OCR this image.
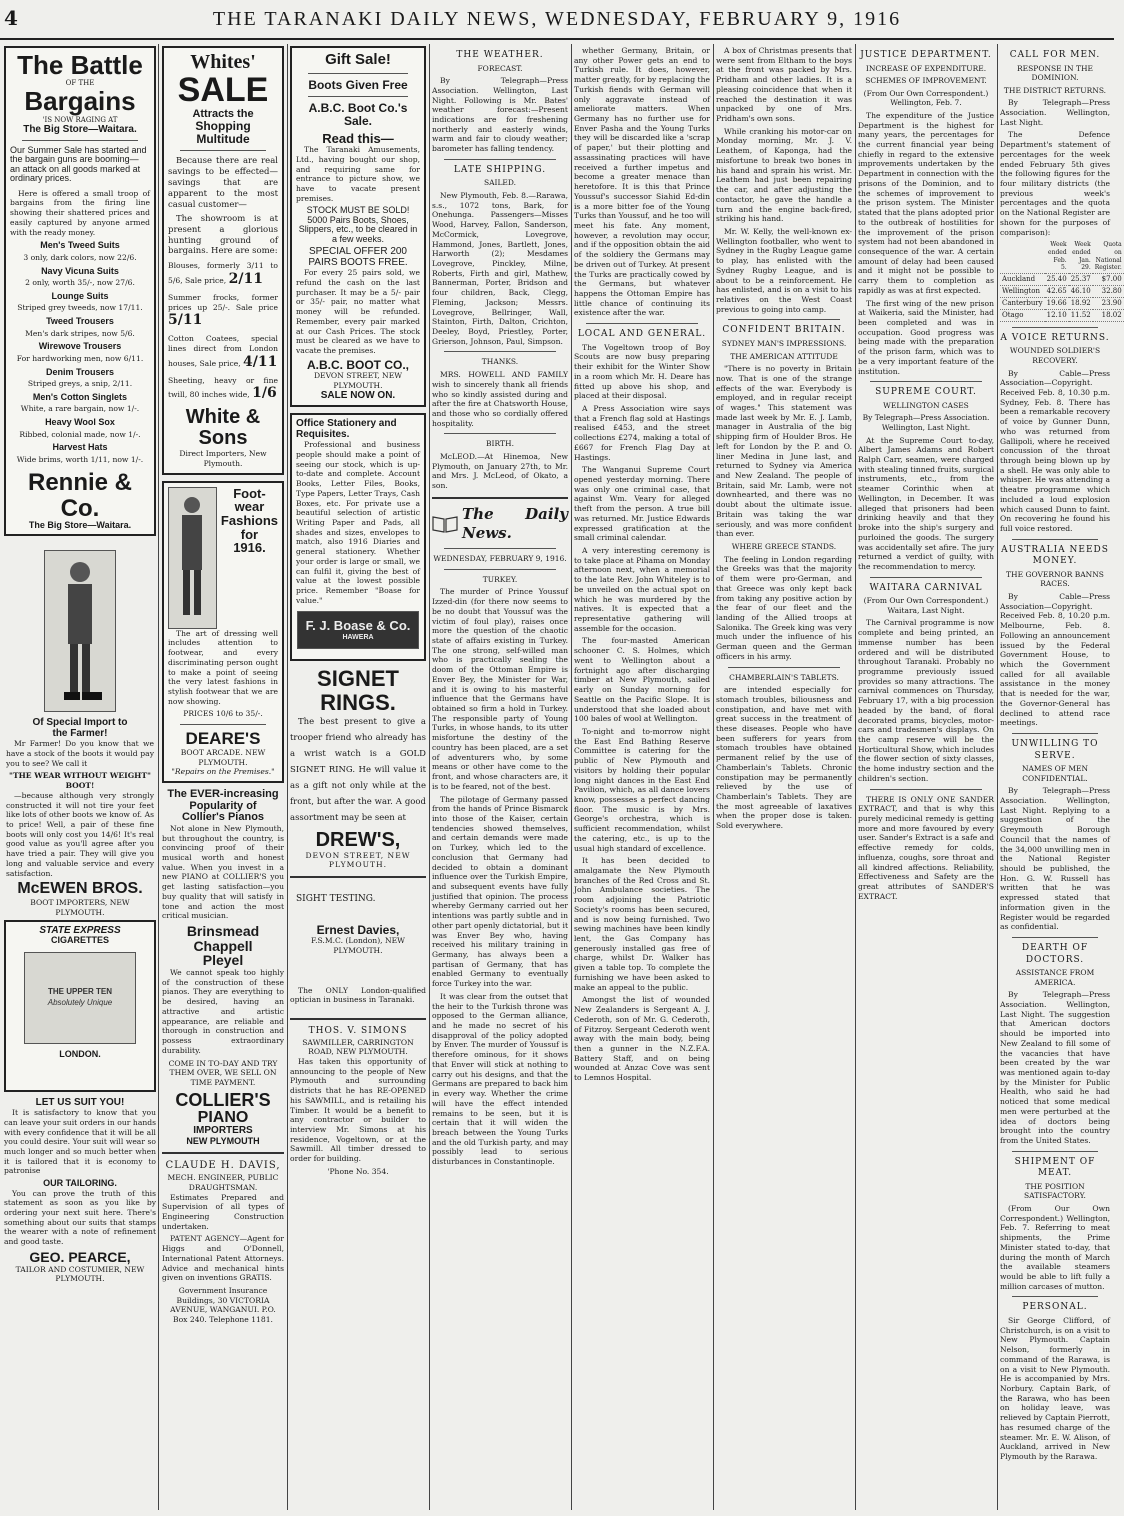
4	THE TARANAKI DAILY NEWS, WEDNESDAY, FEBRUARY 9, 1916
The Battle
OF THE
Bargains
'IS NOW RAGING AT
The Big Store—Waitara.
Our Summer Sale has started and the bargain guns are booming— an attack on all goods marked at ordinary prices.

Here is offered a small troop of bargains from the firing line showing their shattered prices and easily captured by anyone armed with the ready money.

Men's Tweed Suits
3 only, dark colors, now 22/6.
Navy Vicuna Suits
2 only, worth 35/-, now 27/6.
Lounge Suits
Striped grey tweeds, now 17/11.
Tweed Trousers
Men's dark stripes, now 5/6.
Wirewove Trousers
For hardworking men, now 6/11.
Denim Trousers
Striped greys, a snip, 2/11.
Men's Cotton Singlets
White, a rare bargain, now 1/-.
Heavy Wool Sox
Ribbed, colonial made, now 1/-.
Harvest Hats
Wide brims, worth 1/11, now 1/-.
Rennie & Co.
The Big Store—Waitara.
Of Special Import to
the Farmer!

Mr Farmer! Do you know that we have a stock of the boots it would pay you to see? We call it

"THE WEAR WITHOUT WEIGHT" BOOT!

—because although very strongly constructed it will not tire your feet like lots of other boots we know of. As to price! Well, a pair of these fine boots will only cost you 14/6! It's real good value as you'll agree after you have tried a pair. They will give you long and valuable service and every satisfaction.

McEWEN BROS.
BOOT IMPORTERS, NEW PLYMOUTH.
STATE EXPRESS
CIGARETTES
THE UPPER TEN
Absolutely Unique
LONDON.
LET US SUIT YOU!

It is satisfactory to know that you can leave your suit orders in our hands with every confidence that it will be all you could desire. Your suit will wear so much longer and so much better when it is tailored that it is economy to patronise

OUR TAILORING.

You can prove the truth of this statement as soon as you like by ordering your next suit here. There's something about our suits that stamps the wearer with a note of refinement and good taste.

GEO. PEARCE,
TAILOR AND COSTUMIER, NEW PLYMOUTH.
Whites'
SALE
Attracts the
Shopping Multitude

Because there are real savings to be effected—savings that are apparent to the most casual customer—

The showroom is at present a glorious hunting ground of bargains. Here are some:

Blouses, formerly 3/11 to 5/6, Sale price, 2/11
Summer frocks, former prices up 25/-. Sale price 5/11
Cotton Coatees, special lines direct from London houses, Sale price, 4/11
Sheeting, heavy or fine twill, 80 inches wide, 1/6
White & Sons
Direct Importers, New Plymouth.
Foot-
wear
Fashions
for
1916.

The art of dressing well includes attention to footwear, and every discriminating person ought to make a point of seeing the very latest fashions in stylish footwear that we are now showing.

PRICES 10/6 to 35/-.
DEARE'S
BOOT ARCADE. NEW PLYMOUTH.
"Repairs on the Premises."
The EVER-increasing
Popularity of
Collier's Pianos

Not alone in New Plymouth, but throughout the country, is convincing proof of their musical worth and honest value. When you invest in a new PIANO at COLLIER'S you get lasting satisfaction—you buy quality that will satisfy in tone and action the most critical musician.

Brinsmead
Chappell
Pleyel

We cannot speak too highly of the construction of these pianos. They are everything to be desired, having an attractive and artistic appearance, are reliable and thorough in construction and possess extraordinary durability.

COME IN TO-DAY AND TRY THEM OVER, WE SELL ON TIME PAYMENT.
COLLIER'S
PIANO
IMPORTERS
NEW PLYMOUTH
CLAUDE H. DAVIS,
MECH. ENGINEER, PUBLIC DRAUGHTSMAN.

Estimates Prepared and Supervision of all types of Engineering Construction undertaken.

PATENT AGENCY—Agent for Higgs and O'Donnell, International Patent Attorneys. Advice and mechanical hints given on inventions GRATIS.

Government Insurance Buildings, 30 VICTORIA AVENUE, WANGANUI. P.O. Box 240. Telephone 1181.
Gift Sale!
Boots Given Free
A.B.C. Boot Co.'s Sale.
Read this—

The Taranaki Amusements, Ltd., having bought our shop, and requiring same for entrance to picture show, we have to vacate present premises.

STOCK MUST BE SOLD! 5000 Pairs Boots, Shoes, Slippers, etc., to be cleared in a few weeks.
SPECIAL OFFER 200 PAIRS BOOTS FREE.

For every 25 pairs sold, we refund the cash on the last purchaser. It may be a 5/- pair or 35/- pair, no matter what money will be refunded. Remember, every pair marked at our Cash Prices. The stock must be cleared as we have to vacate the premises.

A.B.C. BOOT CO.,
DEVON STREET, NEW PLYMOUTH.
SALE NOW ON.
Office Stationery and Requisites.

Professional and business people should make a point of seeing our stock, which is up-to-date and complete. Account Books, Letter Files, Books, Type Papers, Letter Trays, Cash Boxes, etc. For private use a beautiful selection of artistic Writing Paper and Pads, all shades and sizes, envelopes to match, also 1916 Diaries and general stationery. Whether your order is large or small, we can fulfil it, giving the best of value at the lowest possible price. Remember "Boase for value."

F. J. Boase & Co.
HAWERA
SIGNET
RINGS.

The best present to give a trooper friend who already has a wrist watch is a GOLD SIGNET RING. He will value it as a gift not only while at the front, but after the war. A good assortment may be seen at

DREW'S,
DEVON STREET, NEW PLYMOUTH.
SIGHT TESTING.
Ernest Davies,
F.S.M.C. (London), NEW PLYMOUTH.

The ONLY London-qualified optician in business in Taranaki.

THOS. V. SIMONS
SAWMILLER, CARRINGTON ROAD, NEW PLYMOUTH.

Has taken this opportunity of announcing to the people of New Plymouth and surrounding districts that he has RE-OPENED his SAWMILL, and is retailing his Timber. It would be a benefit to any contractor or builder to interview Mr. Simons at his residence, Vogeltown, or at the Sawmill. All timber dressed to order for building.

'Phone No. 354.
THE WEATHER.
FORECAST.

By Telegraph—Press Association. Wellington, Last Night. Following is Mr. Bates' weather forecast:—Present indications are for freshening northerly and easterly winds, warm and fair to cloudy weather; barometer has falling tendency.

LATE SHIPPING.
SAILED.

New Plymouth, Feb. 8.—Rarawa, s.s., 1072 tons, Bark, for Onehunga. Passengers—Misses Wood, Harvey, Fallon, Sanderson, McCormick, Lovegrove, Hammond, Jones, Bartlett, Jones, Harworth (2); Mesdames Lovegrove, Pinckley, Milne, Roberts, Firth and girl, Mathew, Bannerman, Porter, Bridson and four children, Back, Clegg, Fleming, Jackson; Messrs. Lovegrove, Bellringer, Wall, Stainton, Firth, Dalton, Crichton, Deeley, Boyd, Priestley, Porter, Grierson, Johnson, Paul, Simpson.

THANKS.

MRS. HOWELL AND FAMILY wish to sincerely thank all friends who so kindly assisted during and after the fire at Chatsworth House, and those who so cordially offered hospitality.

BIRTH.

McLEOD.—At Hinemoa, New Plymouth, on January 27th, to Mr. and Mrs. J. McLeod, of Okato, a son.

The Daily News.
WEDNESDAY, FEBRUARY 9, 1916.
TURKEY.

The murder of Prince Youssuf Izzed-din (for there now seems to be no doubt that Youssuf was the victim of foul play), raises once more the question of the chaotic state of affairs existing in Turkey. The one strong, self-willed man who is practically sealing the doom of the Ottoman Empire is Enver Bey, the Minister for War, and it is owing to his masterful influence that the Germans have obtained so firm a hold in Turkey. The responsible party of Young Turks, in whose hands, to its utter misfortune the destiny of the country has been placed, are a set of adventurers who, by some means or other have come to the front, and whose characters are, it is to be feared, not of the best.

The pilotage of Germany passed from the hands of Prince Bismarck into those of the Kaiser, certain tendencies showed themselves, and certain demands were made on Turkey, which led to the conclusion that Germany had decided to obtain a dominant influence over the Turkish Empire, and subsequent events have fully justified that opinion. The process whereby Germany carried out her intentions was partly subtle and in other part openly dictatorial, but it was Enver Bey who, having received his military training in Germany, has always been a partisan of Germany, that has enabled Germany to eventually force Turkey into the war.

It was clear from the outset that the heir to the Turkish throne was opposed to the German alliance, and he made no secret of his disapproval of the policy adopted by Enver. The murder of Youssuf is therefore ominous, for it shows that Enver will stick at nothing to carry out his designs, and that the Germans are prepared to back him in every way. Whether the crime will have the effect intended remains to be seen, but it is certain that it will widen the breach between the Young Turks and the old Turkish party, and may possibly lead to serious disturbances in Constantinople.

whether Germany, Britain, or any other Power gets an end to Turkish rule. It does, however, matter greatly, for by replacing the Turkish fiends with German will only aggravate instead of ameliorate matters. When Germany has no further use for Enver Pasha and the Young Turks they will be discarded like a 'scrap of paper,' but their plotting and assassinating practices will have received a further impetus and become a greater menace than heretofore. It is this that Prince Youssuf's successor Siahid Ed-din is a more bitter foe of the Young Turks than Youssuf, and he too will meet his fate. Any moment, however, a revolution may occur, and if the opposition obtain the aid of the soldiery the Germans may be driven out of Turkey. At present the Turks are practically cowed by the Germans, but whatever happens the Ottoman Empire has little chance of continuing its existence after the war.

LOCAL AND GENERAL.

The Vogeltown troop of Boy Scouts are now busy preparing their exhibit for the Winter Show in a room which Mr. H. Deare has fitted up above his shop, and placed at their disposal.

A Press Association wire says that a French flag sold at Hastings realised £453, and the street collections £274, making a total of £667 for French Flag Day at Hastings.

The Wanganui Supreme Court opened yesterday morning. There was only one criminal case, that against Wm. Veary for alleged theft from the person. A true bill was returned. Mr. Justice Edwards expressed gratification at the small criminal calendar.

A very interesting ceremony is to take place at Pihama on Monday afternoon next, when a memorial to the late Rev. John Whiteley is to be unveiled on the actual spot on which he was murdered by the natives. It is expected that a representative gathering will assemble for the occasion.

The four-masted American schooner C. S. Holmes, which went to Wellington about a fortnight ago after discharging timber at New Plymouth, sailed early on Sunday morning for Seattle on the Pacific Slope. It is understood that she loaded about 100 bales of wool at Wellington.

To-night and to-morrow night the East End Bathing Reserve Committee is catering for the public of New Plymouth and visitors by holding their popular long night dances in the East End Pavilion, which, as all dance lovers know, possesses a perfect dancing floor. The music is by Mrs. George's orchestra, which is sufficient recommendation, whilst the catering, etc., is up to the usual high standard of excellence.

It has been decided to amalgamate the New Plymouth branches of the Red Cross and St. John Ambulance societies. The room adjoining the Patriotic Society's rooms has been secured, and is now being furnished. Two sewing machines have been kindly lent, the Gas Company has generously installed gas free of charge, whilst Dr. Walker has given a table top. To complete the furnishing we have been asked to make an appeal to the public.

Amongst the list of wounded New Zealanders is Sergeant A. J. Cederoth, son of Mr. G. Cederoth, of Fitzroy. Sergeant Cederoth went away with the main body, being then a gunner in the N.Z.F.A. Battery Staff, and on being wounded at Anzac Cove was sent to Lemnos Hospital.

A box of Christmas presents that were sent from Eltham to the boys at the front was packed by Mrs. Pridham and other ladies. It is a pleasing coincidence that when it reached the destination it was unpacked by one of Mrs. Pridham's own sons.

While cranking his motor-car on Monday morning, Mr. J. V. Leathem, of Kaponga, had the misfortune to break two bones in his hand and sprain his wrist. Mr. Leathem had just been repairing the car, and after adjusting the contactor, he gave the handle a turn and the engine back-fired, striking his hand.

Mr. W. Kelly, the well-known ex-Wellington footballer, who went to Sydney in the Rugby League game to play, has enlisted with the Sydney Rugby League, and is about to be a reinforcement. He has enlisted, and is on a visit to his relatives on the West Coast previous to going into camp.

CONFIDENT BRITAIN.
SYDNEY MAN'S IMPRESSIONS.
THE AMERICAN ATTITUDE

"There is no poverty in Britain now. That is one of the strange effects of the war. Everybody is employed, and in regular receipt of wages." This statement was made last week by Mr. E. J. Lamb, manager in Australia of the big shipping firm of Houlder Bros. He left for London by the P. and O. liner Medina in June last, and returned to Sydney via America and New Zealand. The people of Britain, said Mr. Lamb, were not downhearted, and there was no doubt about the ultimate issue. Britain was taking the war seriously, and was more confident than ever.

WHERE GREECE STANDS.

The feeling in London regarding the Greeks was that the majority of them were pro-German, and that Greece was only kept back from taking any positive action by the fear of our fleet and the landing of the Allied troops at Salonika. The Greek king was very much under the influence of his German queen and the German officers in his army.

CHAMBERLAIN'S TABLETS.

are intended especially for stomach troubles, biliousness and constipation, and have met with great success in the treatment of these diseases. People who have been sufferers for years from stomach troubles have obtained permanent relief by the use of Chamberlain's Tablets. Chronic constipation may be permanently relieved by the use of Chamberlain's Tablets. They are the most agreeable of laxatives when the proper dose is taken. Sold everywhere.

JUSTICE DEPARTMENT.
INCREASE OF EXPENDITURE.
SCHEMES OF IMPROVEMENT.
(From Our Own Correspondent.) Wellington, Feb. 7.

The expenditure of the Justice Department is the highest for many years, the percentages for the current financial year being chiefly in regard to the extensive improvements undertaken by the Department in connection with the prisons of the Dominion, and to the schemes of improvement to the prison system. The Minister stated that the plans adopted prior to the outbreak of hostilities for the improvement of the prison system had not been abandoned in consequence of the war. A certain amount of delay had been caused and it might not be possible to carry them to completion as rapidly as was at first expected.

The first wing of the new prison at Waikeria, said the Minister, had been completed and was in occupation. Good progress was being made with the preparation of the prison farm, which was to be a very important feature of the institution.

SUPREME COURT.
WELLINGTON CASES
By Telegraph—Press Association. Wellington, Last Night.

At the Supreme Court to-day, Albert James Adams and Robert Ralph Carr, seamen, were charged with stealing tinned fruits, surgical instruments, etc., from the steamer Corinthic when at Wellington, in December. It was alleged that prisoners had been drinking heavily and that they broke into the ship's surgery and purloined the goods. The surgery was accidentally set afire. The jury returned a verdict of guilty, with the recommendation to mercy.

WAITARA CARNIVAL
(From Our Own Correspondent.) Waitara, Last Night.

The Carnival programme is now complete and being printed, an immense number has been ordered and will be distributed throughout Taranaki. Probably no programme previously issued provides so many attractions. The carnival commences on Thursday, February 17, with a big procession headed by the band, of floral decorated prams, bicycles, motor-cars and tradesmen's displays. On the camp reserve will be the Horticultural Show, which includes the flower section of sixty classes, the home industry section and the children's section.

THERE IS ONLY ONE SANDER EXTRACT, and that is why this purely medicinal remedy is getting more and more favoured by every user. Sander's Extract is a safe and effective remedy for colds, influenza, coughs, sore throat and all kindred affections. Reliability, Effectiveness and Safety are the great attributes of SANDER'S EXTRACT.

CALL FOR MEN.
RESPONSE IN THE DOMINION.
THE DISTRICT RETURNS.

By Telegraph—Press Association. Wellington, Last Night.

The Defence Department's statement of percentages for the week ended February 5th gives the following figures for the four military districts (the previous week's percentages and the quota on the National Register are shown for the purposes of comparison):

	Week ended Feb. 5.	Week ended Jan. 29.	Quota on National Register.
Auckland	25.40	25.37	$7.00
Wellington	42.65	46.10	32.80
Canterbury	19.66	18.92	23.90
Otago	12.10	11.52	18.02
A VOICE RETURNS.
WOUNDED SOLDIER'S RECOVERY.

By Cable—Press Association—Copyright. Received Feb. 8, 10.30 p.m. Sydney, Feb. 8. There has been a remarkable recovery of voice by Gunner Dunn, who was returned from Gallipoli, where he received concussion of the throat through being blown up by a shell. He was only able to whisper. He was attending a theatre programme which included a loud explosion which caused Dunn to faint. On recovering he found his full voice restored.

AUSTRALIA NEEDS MONEY.
THE GOVERNOR BANNS RACES.

By Cable—Press Association—Copyright. Received Feb. 8, 10.20 p.m. Melbourne, Feb. 8. Following an announcement issued by the Federal Government House, to which the Government called for all available assistance in the money that is needed for the war, the Governor-General has declined to attend race meetings.

UNWILLING TO SERVE.
NAMES OF MEN CONFIDENTIAL.

By Telegraph—Press Association. Wellington, Last Night. Replying to a suggestion of the Greymouth Borough Council that the names of the 34,000 unwilling men in the National Register should be published, the Hon. G. W. Russell has written that he was expressed stated that information given in the Register would be regarded as confidential.

DEARTH OF DOCTORS.
ASSISTANCE FROM AMERICA.

By Telegraph—Press Association. Wellington, Last Night. The suggestion that American doctors should be imported into New Zealand to fill some of the vacancies that have been created by the war was mentioned again to-day by the Minister for Public Health, who said he had noticed that some medical men were perturbed at the idea of doctors being brought into the country from the United States.

SHIPMENT OF MEAT.
THE POSITION SATISFACTORY.

(From Our Own Correspondent.) Wellington, Feb. 7. Referring to meat shipments, the Prime Minister stated to-day, that during the month of March the available steamers would be able to lift fully a million carcases of mutton.

PERSONAL.

Sir George Clifford, of Christchurch, is on a visit to New Plymouth. Captain Nelson, formerly in command of the Rarawa, is on a visit to New Plymouth. He is accompanied by Mrs. Norbury. Captain Bark, of the Rarawa, who has been on holiday leave, was relieved by Captain Pierrott, has resumed charge of the steamer. Mr. E. W. Alison, of Auckland, arrived in New Plymouth by the Rarawa.
